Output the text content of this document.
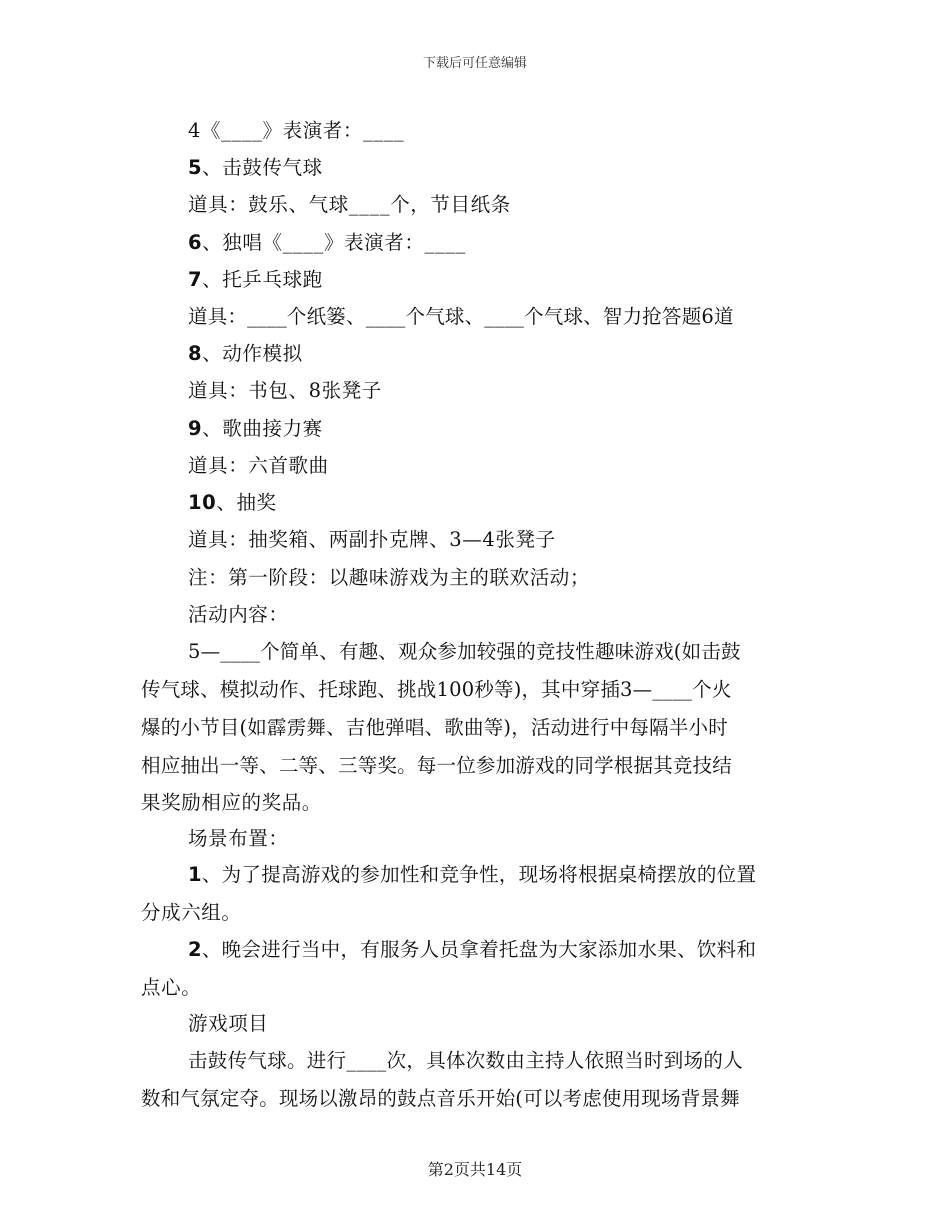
下载后可任意编辑
4《____》表演者：____
5、击鼓传气球
道具：鼓乐、气球____个，节目纸条
6、独唱《____》表演者：____
7、托乒乓球跑
道具：____个纸篓、____个气球、____个气球、智力抢答题6道
8、动作模拟
道具：书包、8张凳子
9、歌曲接力赛
道具：六首歌曲
10、抽奖
道具：抽奖箱、两副扑克牌、3—4张凳子
注：第一阶段：以趣味游戏为主的联欢活动；
活动内容：
5—____个简单、有趣、观众参加较强的竞技性趣味游戏(如击鼓
传气球、模拟动作、托球跑、挑战100秒等)，其中穿插3—____个火
爆的小节目(如霹雳舞、吉他弹唱、歌曲等)，活动进行中每隔半小时
相应抽出一等、二等、三等奖。每一位参加游戏的同学根据其竞技结
果奖励相应的奖品。
场景布置：
1、为了提高游戏的参加性和竞争性，现场将根据桌椅摆放的位置
分成六组。
2、晚会进行当中，有服务人员拿着托盘为大家添加水果、饮料和
点心。
游戏项目
击鼓传气球。进行____次，具体次数由主持人依照当时到场的人
数和气氛定夺。现场以激昂的鼓点音乐开始(可以考虑使用现场背景舞
第2页共14页
